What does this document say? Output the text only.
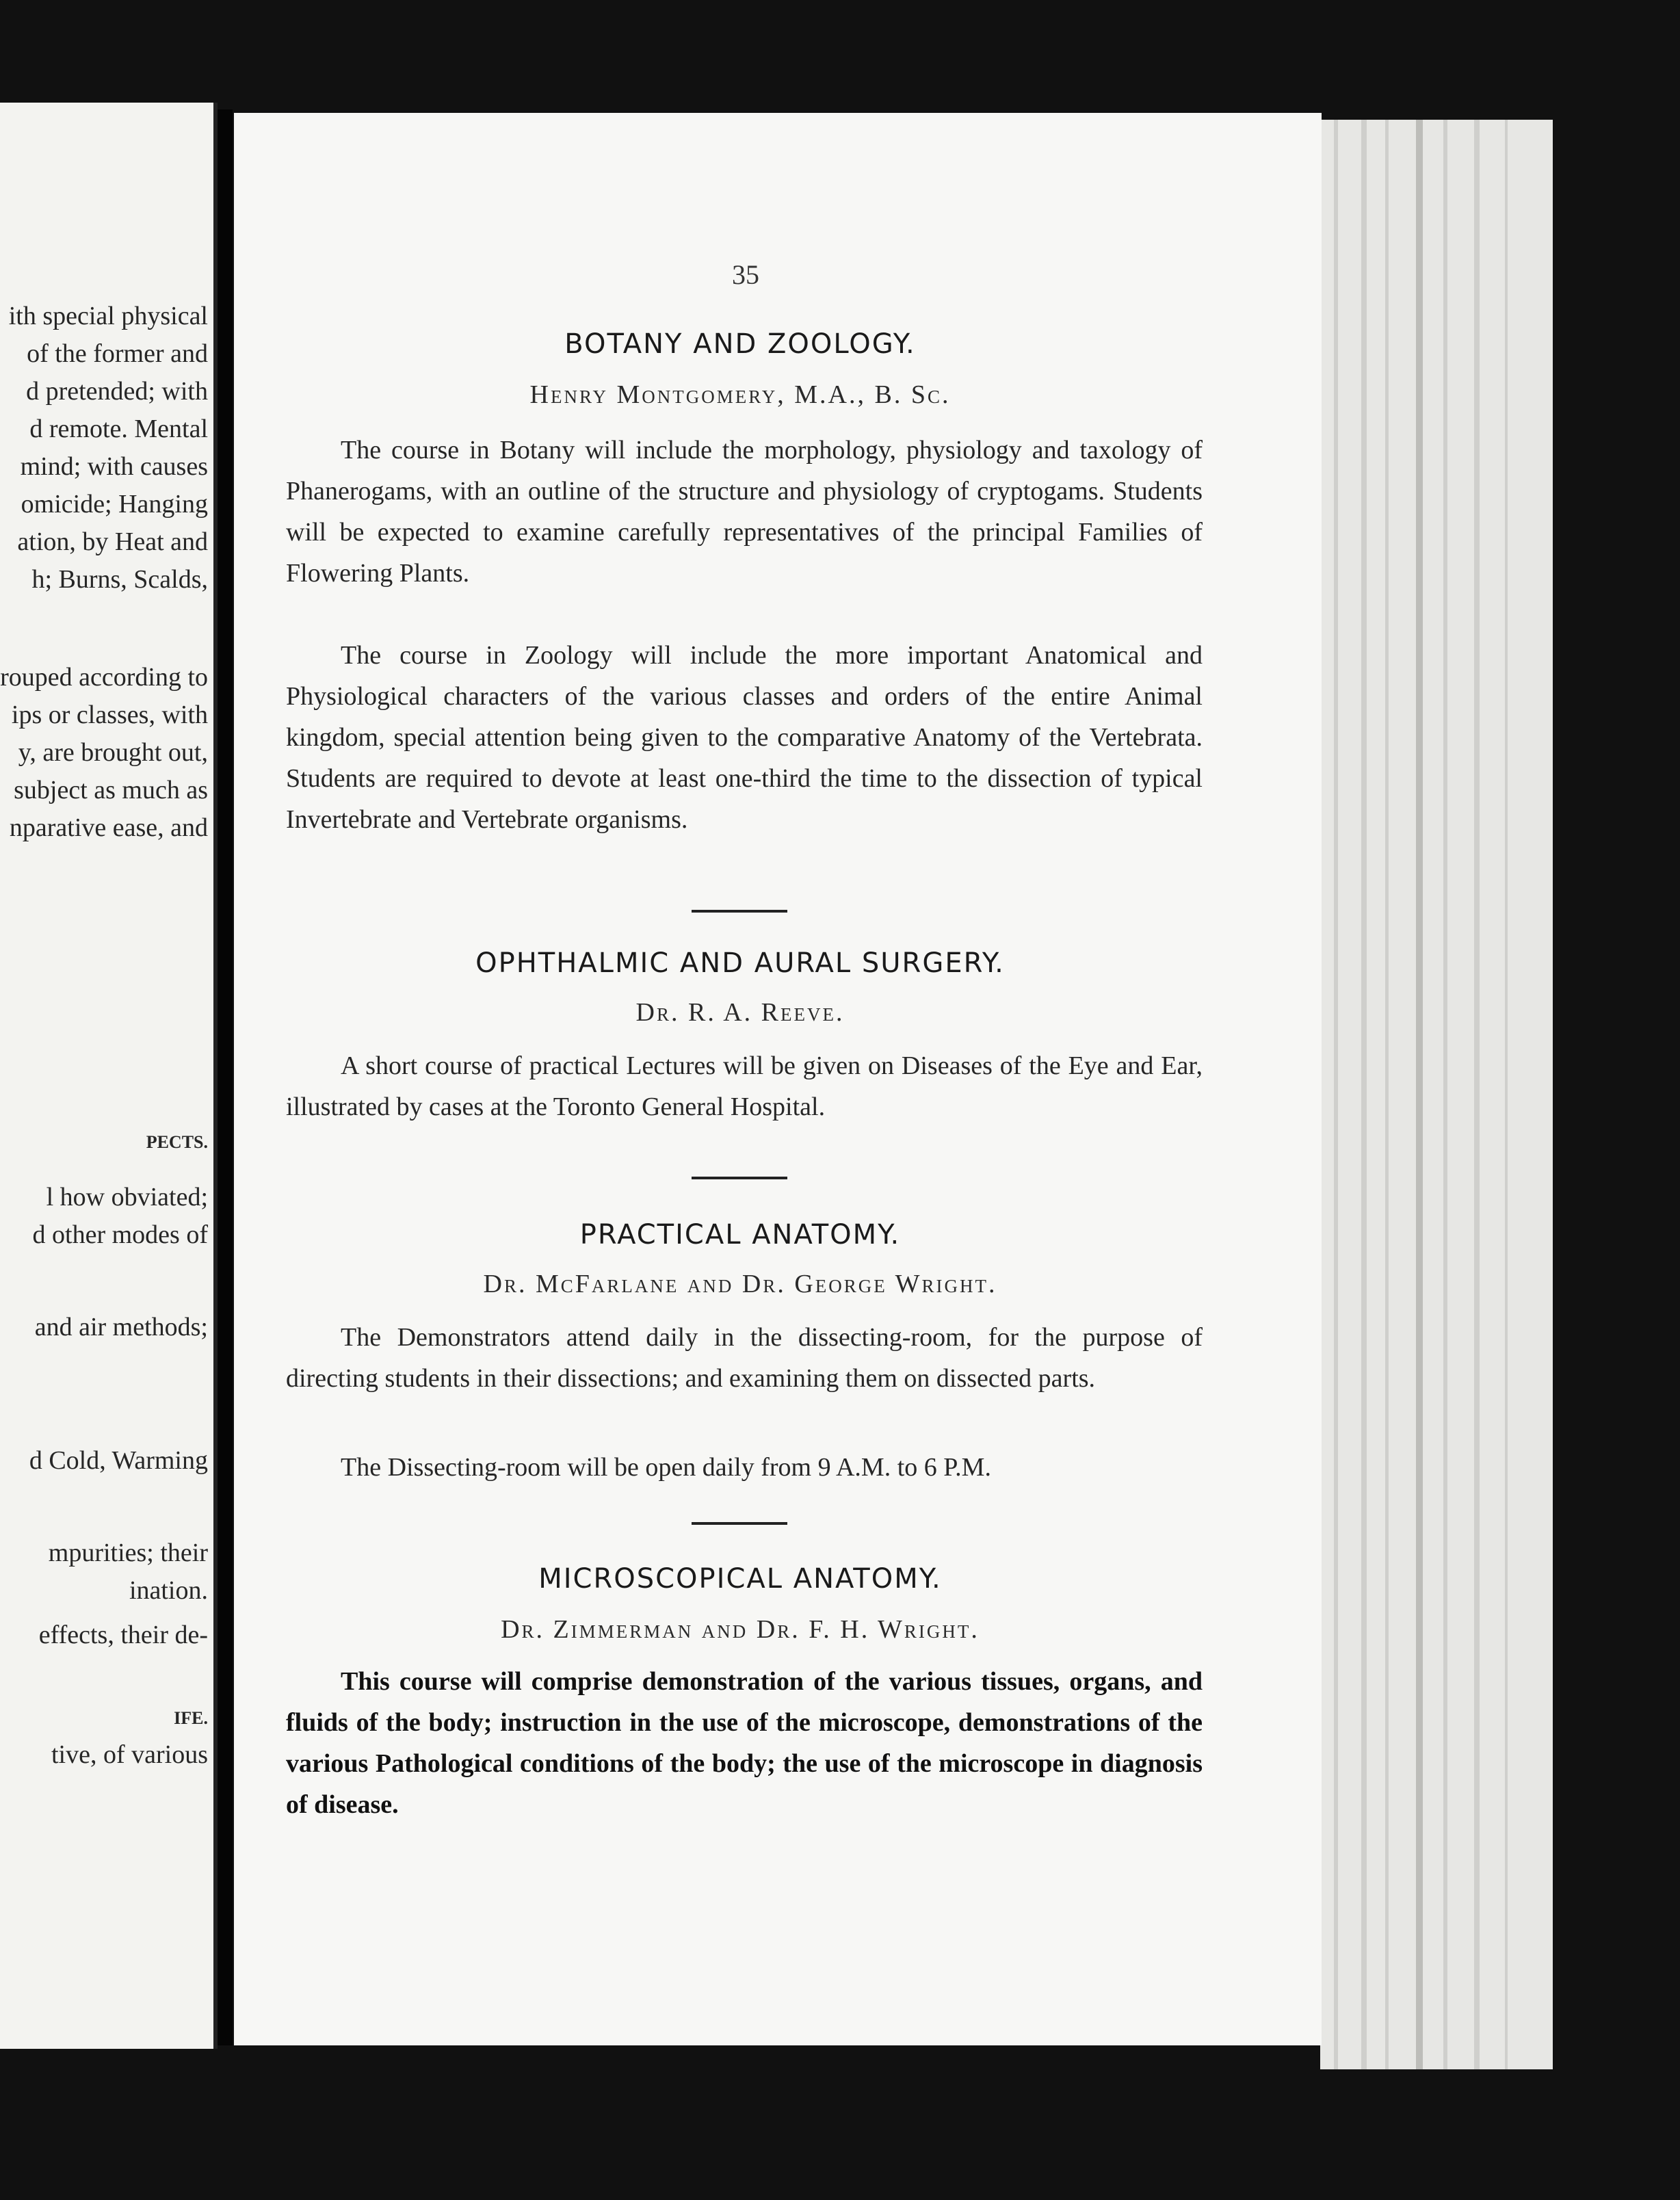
ith special physical
of the former and
d pretended; with
d remote. Mental
mind; with causes
omicide; Hanging
ation, by Heat and
h; Burns, Scalds,
rouped according to
ips or classes, with
y, are brought out,
subject as much as
nparative ease, and
PECTS.
l how obviated;
d other modes of
and air methods;
d Cold, Warming
mpurities; their
ination.
effects, their de-
IFE.
tive, of various
35
BOTANY AND ZOOLOGY.
Henry Montgomery, M.A., B. Sc.
The course in Botany will include the morphology, physiology and taxology of Phanerogams, with an outline of the structure and physiology of cryptogams. Students will be expected to examine carefully representatives of the principal Families of Flowering Plants.
The course in Zoology will include the more important Anatomical and Physiological characters of the various classes and orders of the entire Animal kingdom, special attention being given to the comparative Anatomy of the Vertebrata. Students are required to devote at least one-third the time to the dissection of typical Invertebrate and Vertebrate organisms.
OPHTHALMIC AND AURAL SURGERY.
Dr. R. A. Reeve.
A short course of practical Lectures will be given on Diseases of the Eye and Ear, illustrated by cases at the Toronto General Hospital.
PRACTICAL ANATOMY.
Dr. McFarlane and Dr. George Wright.
The Demonstrators attend daily in the dissecting-room, for the purpose of directing students in their dissections; and examining them on dissected parts.
The Dissecting-room will be open daily from 9 A.M. to 6 P.M.
MICROSCOPICAL ANATOMY.
Dr. Zimmerman and Dr. F. H. Wright.
This course will comprise demonstration of the various tissues, organs, and fluids of the body; instruction in the use of the microscope, demonstrations of the various Pathological conditions of the body; the use of the microscope in diagnosis of disease.
